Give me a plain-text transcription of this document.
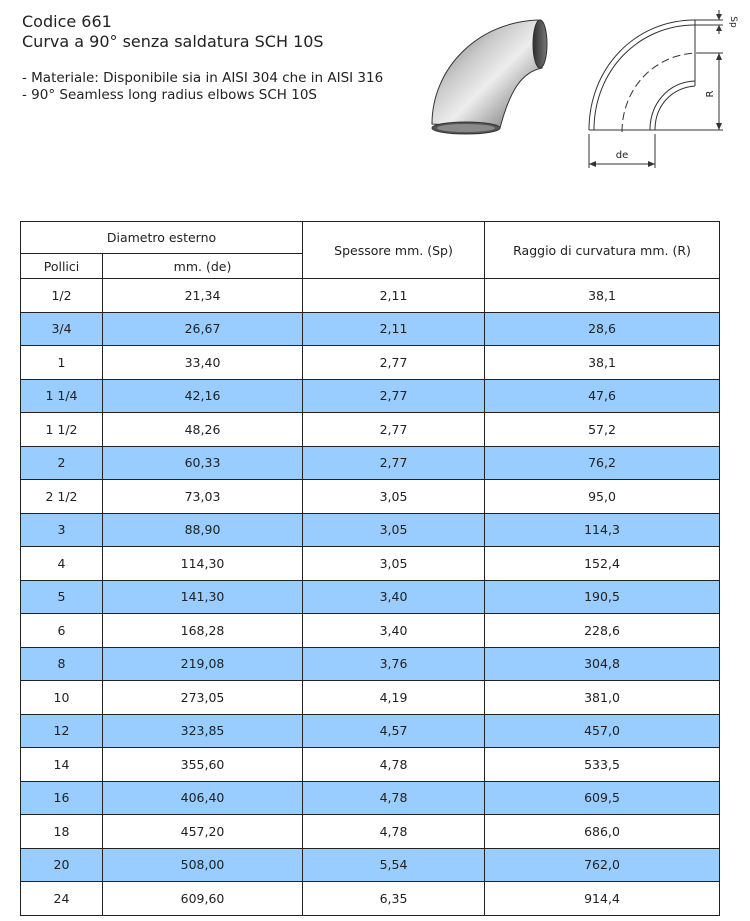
Codice 661
Curva a 90° senza saldatura SCH 10S
- Materiale: Disponibile sia in AISI 304 che in AISI 316
- 90° Seamless long radius elbows SCH 10S	R
Sp
de
Diametro esterno		Spessore mm. (Sp)	Raggio di curvatura mm. (R)
Pollici	mm. (de)		
1/2	21,34	2,11	38,1
3/4	26,67	2,11	28,6
1	33,40	2,77	38,1
1 1/4	42,16	2,77	47,6
1 1/2	48,26	2,77	57,2
2	60,33	2,77	76,2
2 1/2	73,03	3,05	95,0
3	88,90	3,05	114,3
4	114,30	3,05	152,4
5	141,30	3,40	190,5
6	168,28	3,40	228,6
8	219,08	3,76	304,8
10	273,05	4,19	381,0
12	323,85	4,57	457,0
14	355,60	4,78	533,5
16	406,40	4,78	609,5
18	457,20	4,78	686,0
20	508,00	5,54	762,0
24	609,60	6,35	914,4
